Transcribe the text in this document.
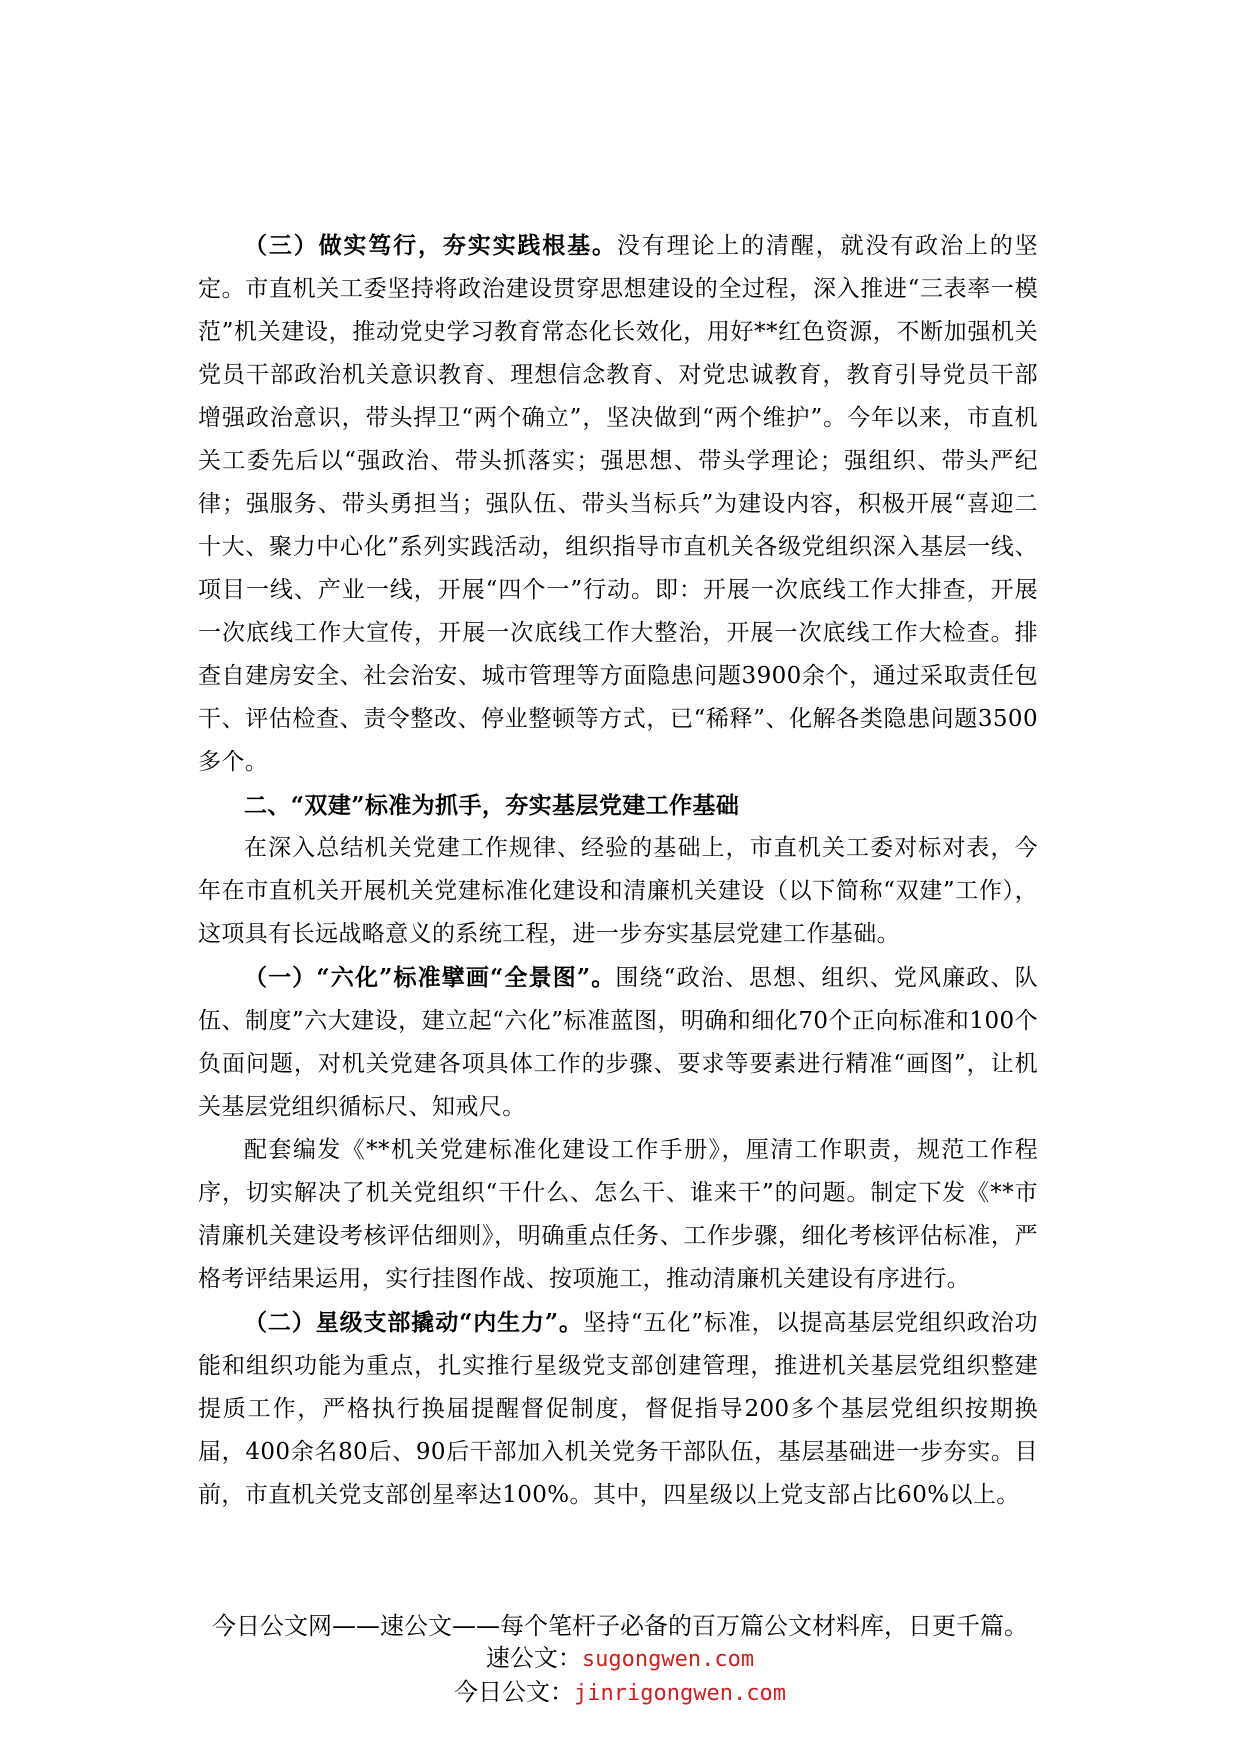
（三）做实笃行，夯实实践根基。没有理论上的清醒，就没有政治上的坚定。市直机关工委坚持将政治建设贯穿思想建设的全过程，深入推进“三表率一模范”机关建设，推动党史学习教育常态化长效化，用好**红色资源，不断加强机关党员干部政治机关意识教育、理想信念教育、对党忠诚教育，教育引导党员干部增强政治意识，带头捍卫“两个确立”，坚决做到“两个维护”。今年以来，市直机关工委先后以“强政治、带头抓落实；强思想、带头学理论；强组织、带头严纪律；强服务、带头勇担当；强队伍、带头当标兵”为建设内容，积极开展“喜迎二十大、聚力中心化”系列实践活动，组织指导市直机关各级党组织深入基层一线、项目一线、产业一线，开展“四个一”行动。即：开展一次底线工作大排查，开展一次底线工作大宣传，开展一次底线工作大整治，开展一次底线工作大检查。排查自建房安全、社会治安、城市管理等方面隐患问题3900余个，通过采取责任包干、评估检查、责令整改、停业整顿等方式，已“稀释”、化解各类隐患问题3500多个。

二、“双建”标准为抓手，夯实基层党建工作基础

在深入总结机关党建工作规律、经验的基础上，市直机关工委对标对表，今年在市直机关开展机关党建标准化建设和清廉机关建设（以下简称“双建”工作），这项具有长远战略意义的系统工程，进一步夯实基层党建工作基础。

（一）“六化”标准擘画“全景图”。围绕“政治、思想、组织、党风廉政、队伍、制度”六大建设，建立起“六化”标准蓝图，明确和细化70个正向标准和100个负面问题，对机关党建各项具体工作的步骤、要求等要素进行精准“画图”，让机关基层党组织循标尺、知戒尺。

配套编发《**机关党建标准化建设工作手册》，厘清工作职责，规范工作程序，切实解决了机关党组织“干什么、怎么干、谁来干”的问题。制定下发《**市清廉机关建设考核评估细则》，明确重点任务、工作步骤，细化考核评估标准，严格考评结果运用，实行挂图作战、按项施工，推动清廉机关建设有序进行。

（二）星级支部撬动“内生力”。坚持“五化”标准，以提高基层党组织政治功能和组织功能为重点，扎实推行星级党支部创建管理，推进机关基层党组织整建提质工作，严格执行换届提醒督促制度，督促指导200多个基层党组织按期换届，400余名80后、90后干部加入机关党务干部队伍，基层基础进一步夯实。目前，市直机关党支部创星率达100%。其中，四星级以上党支部占比60%以上。

今日公文网——速公文——每个笔杆子必备的百万篇公文材料库，日更千篇。

速公文：sugongwen.com

今日公文：jinrigongwen.com
